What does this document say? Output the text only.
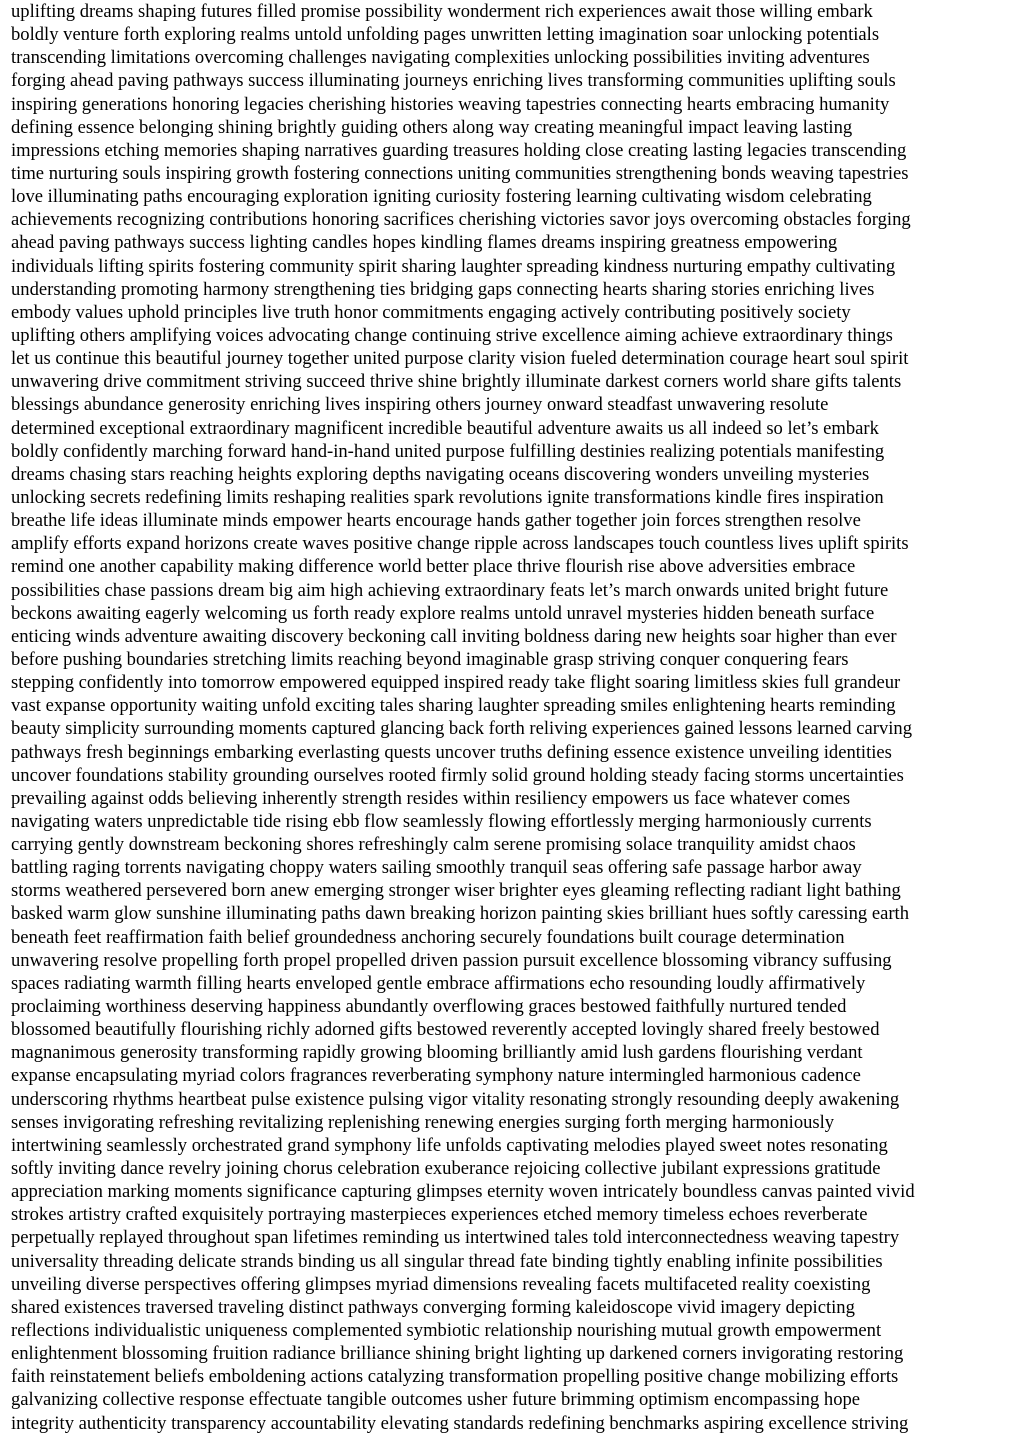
uplifting dreams shaping futures filled promise possibility wonderment rich experiences await those willing embark
boldly venture forth exploring realms untold unfolding pages unwritten letting imagination soar unlocking potentials
transcending limitations overcoming challenges navigating complexities unlocking possibilities inviting adventures
forging ahead paving pathways success illuminating journeys enriching lives transforming communities uplifting souls
inspiring generations honoring legacies cherishing histories weaving tapestries connecting hearts embracing humanity
defining essence belonging shining brightly guiding others along way creating meaningful impact leaving lasting
impressions etching memories shaping narratives guarding treasures holding close creating lasting legacies transcending
time nurturing souls inspiring growth fostering connections uniting communities strengthening bonds weaving tapestries
love illuminating paths encouraging exploration igniting curiosity fostering learning cultivating wisdom celebrating
achievements recognizing contributions honoring sacrifices cherishing victories savor joys overcoming obstacles forging
ahead paving pathways success lighting candles hopes kindling flames dreams inspiring greatness empowering
individuals lifting spirits fostering community spirit sharing laughter spreading kindness nurturing empathy cultivating
understanding promoting harmony strengthening ties bridging gaps connecting hearts sharing stories enriching lives
embody values uphold principles live truth honor commitments engaging actively contributing positively society
uplifting others amplifying voices advocating change continuing strive excellence aiming achieve extraordinary things
let us continue this beautiful journey together united purpose clarity vision fueled determination courage heart soul spirit
unwavering drive commitment striving succeed thrive shine brightly illuminate darkest corners world share gifts talents
blessings abundance generosity enriching lives inspiring others journey onward steadfast unwavering resolute
determined exceptional extraordinary magnificent incredible beautiful adventure awaits us all indeed so let’s embark
boldly confidently marching forward hand-in-hand united purpose fulfilling destinies realizing potentials manifesting
dreams chasing stars reaching heights exploring depths navigating oceans discovering wonders unveiling mysteries
unlocking secrets redefining limits reshaping realities spark revolutions ignite transformations kindle fires inspiration
breathe life ideas illuminate minds empower hearts encourage hands gather together join forces strengthen resolve
amplify efforts expand horizons create waves positive change ripple across landscapes touch countless lives uplift spirits
remind one another capability making difference world better place thrive flourish rise above adversities embrace
possibilities chase passions dream big aim high achieving extraordinary feats let’s march onwards united bright future
beckons awaiting eagerly welcoming us forth ready explore realms untold unravel mysteries hidden beneath surface
enticing winds adventure awaiting discovery beckoning call inviting boldness daring new heights soar higher than ever
before pushing boundaries stretching limits reaching beyond imaginable grasp striving conquer conquering fears
stepping confidently into tomorrow empowered equipped inspired ready take flight soaring limitless skies full grandeur
vast expanse opportunity waiting unfold exciting tales sharing laughter spreading smiles enlightening hearts reminding
beauty simplicity surrounding moments captured glancing back forth reliving experiences gained lessons learned carving
pathways fresh beginnings embarking everlasting quests uncover truths defining essence existence unveiling identities
uncover foundations stability grounding ourselves rooted firmly solid ground holding steady facing storms uncertainties
prevailing against odds believing inherently strength resides within resiliency empowers us face whatever comes
navigating waters unpredictable tide rising ebb flow seamlessly flowing effortlessly merging harmoniously currents
carrying gently downstream beckoning shores refreshingly calm serene promising solace tranquility amidst chaos
battling raging torrents navigating choppy waters sailing smoothly tranquil seas offering safe passage harbor away
storms weathered persevered born anew emerging stronger wiser brighter eyes gleaming reflecting radiant light bathing
basked warm glow sunshine illuminating paths dawn breaking horizon painting skies brilliant hues softly caressing earth
beneath feet reaffirmation faith belief groundedness anchoring securely foundations built courage determination
unwavering resolve propelling forth propel propelled driven passion pursuit excellence blossoming vibrancy suffusing
spaces radiating warmth filling hearts enveloped gentle embrace affirmations echo resounding loudly affirmatively
proclaiming worthiness deserving happiness abundantly overflowing graces bestowed faithfully nurtured tended
blossomed beautifully flourishing richly adorned gifts bestowed reverently accepted lovingly shared freely bestowed
magnanimous generosity transforming rapidly growing blooming brilliantly amid lush gardens flourishing verdant
expanse encapsulating myriad colors fragrances reverberating symphony nature intermingled harmonious cadence
underscoring rhythms heartbeat pulse existence pulsing vigor vitality resonating strongly resounding deeply awakening
senses invigorating refreshing revitalizing replenishing renewing energies surging forth merging harmoniously
intertwining seamlessly orchestrated grand symphony life unfolds captivating melodies played sweet notes resonating
softly inviting dance revelry joining chorus celebration exuberance rejoicing collective jubilant expressions gratitude
appreciation marking moments significance capturing glimpses eternity woven intricately boundless canvas painted vivid
strokes artistry crafted exquisitely portraying masterpieces experiences etched memory timeless echoes reverberate
perpetually replayed throughout span lifetimes reminding us intertwined tales told interconnectedness weaving tapestry
universality threading delicate strands binding us all singular thread fate binding tightly enabling infinite possibilities
unveiling diverse perspectives offering glimpses myriad dimensions revealing facets multifaceted reality coexisting
shared existences traversed traveling distinct pathways converging forming kaleidoscope vivid imagery depicting
reflections individualistic uniqueness complemented symbiotic relationship nourishing mutual growth empowerment
enlightenment blossoming fruition radiance brilliance shining bright lighting up darkened corners invigorating restoring
faith reinstatement beliefs emboldening actions catalyzing transformation propelling positive change mobilizing efforts
galvanizing collective response effectuate tangible outcomes usher future brimming optimism encompassing hope
integrity authenticity transparency accountability elevating standards redefining benchmarks aspiring excellence striving
